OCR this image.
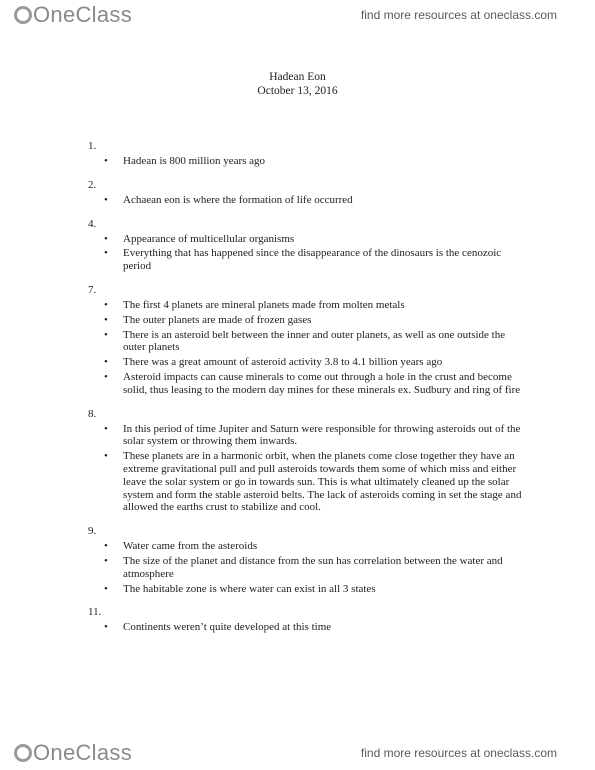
OneClass	find more resources at oneclass.com
Hadean Eon
October 13, 2016
1.
• Hadean is 800 million years ago
2.
• Achaean eon is where the formation of life occurred
4.
• Appearance of multicellular organisms
• Everything that has happened since the disappearance of the dinosaurs is the cenozoic period
7.
• The first 4 planets are mineral planets made from molten metals
• The outer planets are made of frozen gases
• There is an asteroid belt between the inner and outer planets, as well as one outside the outer planets
• There was a great amount of asteroid activity 3.8 to 4.1 billion years ago
• Asteroid impacts can cause minerals to come out through a hole in the crust and become solid, thus leasing to the modern day mines for these minerals ex. Sudbury and ring of fire
8.
• In this period of time Jupiter and Saturn were responsible for throwing asteroids out of the solar system or throwing them inwards.
• These planets are in a harmonic orbit, when the planets come close together they have an extreme gravitational pull and pull asteroids towards them some of which miss and either leave the solar system or go in towards sun. This is what ultimately cleaned up the solar system and form the stable asteroid belts. The lack of asteroids coming in set the stage and allowed the earths crust to stabilize and cool.
9.
• Water came from the asteroids
• The size of the planet and distance from the sun has correlation between the water and atmosphere
• The habitable zone is where water can exist in all 3 states
11.
• Continents weren’t quite developed at this time
OneClass	find more resources at oneclass.com
